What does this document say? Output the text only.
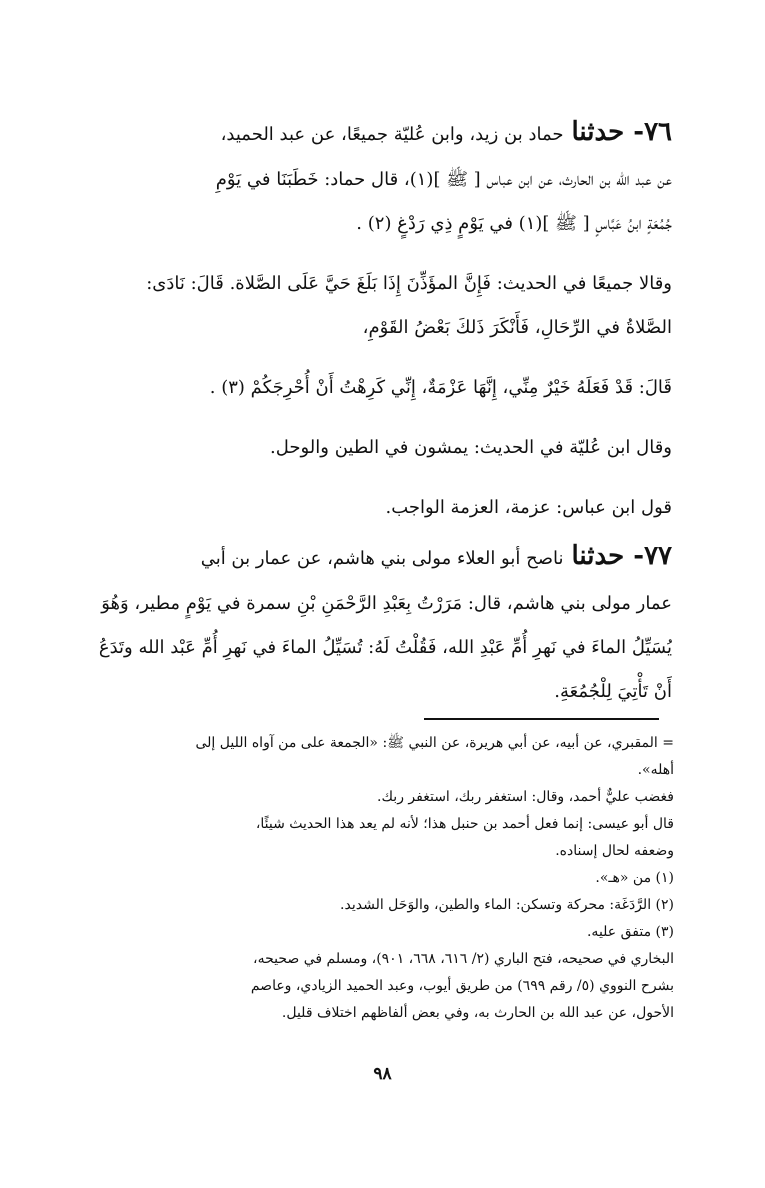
٧٦- حدثناحماد بن زيد، وابن عُليّة جميعًا، عن عبد الحميد،
عن عبد الله بن الحارث، عن ابن عباس [ ﷺ ](١)، قال حماد: خَطَبَنَا في يَوْمِ
جُمُعَةٍ ابنُ عَبَّاسٍ [ ﷺ ](١) في يَوْمٍ ذِي رَدْغٍ (٢) .
وقالا جميعًا في الحديث: فَإِنَّ المؤَذِّنَ إِذَا بَلَغَ حَيَّ عَلَى الصَّلاة. قَالَ: نَادَى:
الصَّلاةُ في الرِّحَالِ، فَأَنْكَرَ ذَلكَ بَعْضُ القَوْمِ،
قَالَ: قَدْ فَعَلَهُ خَيْرٌ مِنِّي، إِنَّهَا عَزْمَةٌ، إِنِّي كَرِهْتُ أَنْ أُحْرِجَكُمْ (٣) .
وقال ابن عُليّة في الحديث: يمشون في الطين والوحل.
قول ابن عباس: عزمة، العزمة الواجب.
٧٧- حدثناناصح أبو العلاء مولى بني هاشم، عن عمار بن أبي
عمار مولى بني هاشم، قال: مَرَرْتُ بِعَبْدِ الرَّحْمَنِ بْنِ سمرة في يَوْمٍ مطير، وَهُوَ
يُسَيِّلُ الماءَ في نَهرِ أُمِّ عَبْدِ الله، فَقُلْتُ لَهُ: تُسَيِّلُ الماءَ في نَهرِ أُمِّ عَبْد الله وتَدَعُ
أَنْ تَأْتِيَ لِلْجُمُعَةِ.
= المقبري، عن أبيه، عن أبي هريرة، عن النبي ﷺ: «الجمعة على من آواه الليل إلى
أهله».
فغضب عليٌّ أحمد، وقال: استغفر ربك، استغفر ربك.
قال أبو عيسى: إنما فعل أحمد بن حنبل هذا؛ لأنه لم يعد هذا الحديث شيئًا،
وضعفه لحال إسناده.
(١) من «هـ».
(٢) الرَّدَغَة: محركة وتسكن: الماء والطين، والوَحَل الشديد.
(٣) متفق عليه.
البخاري في صحيحه، فتح الباري (٢/ ٦١٦، ٦٦٨، ٩٠١)، ومسلم في صحيحه،
بشرح النووي (٥/ رقم ٦٩٩) من طريق أيوب، وعبد الحميد الزيادي، وعاصم
الأحول، عن عبد الله بن الحارث به، وفي بعض ألفاظهم اختلاف قليل.
٩٨
